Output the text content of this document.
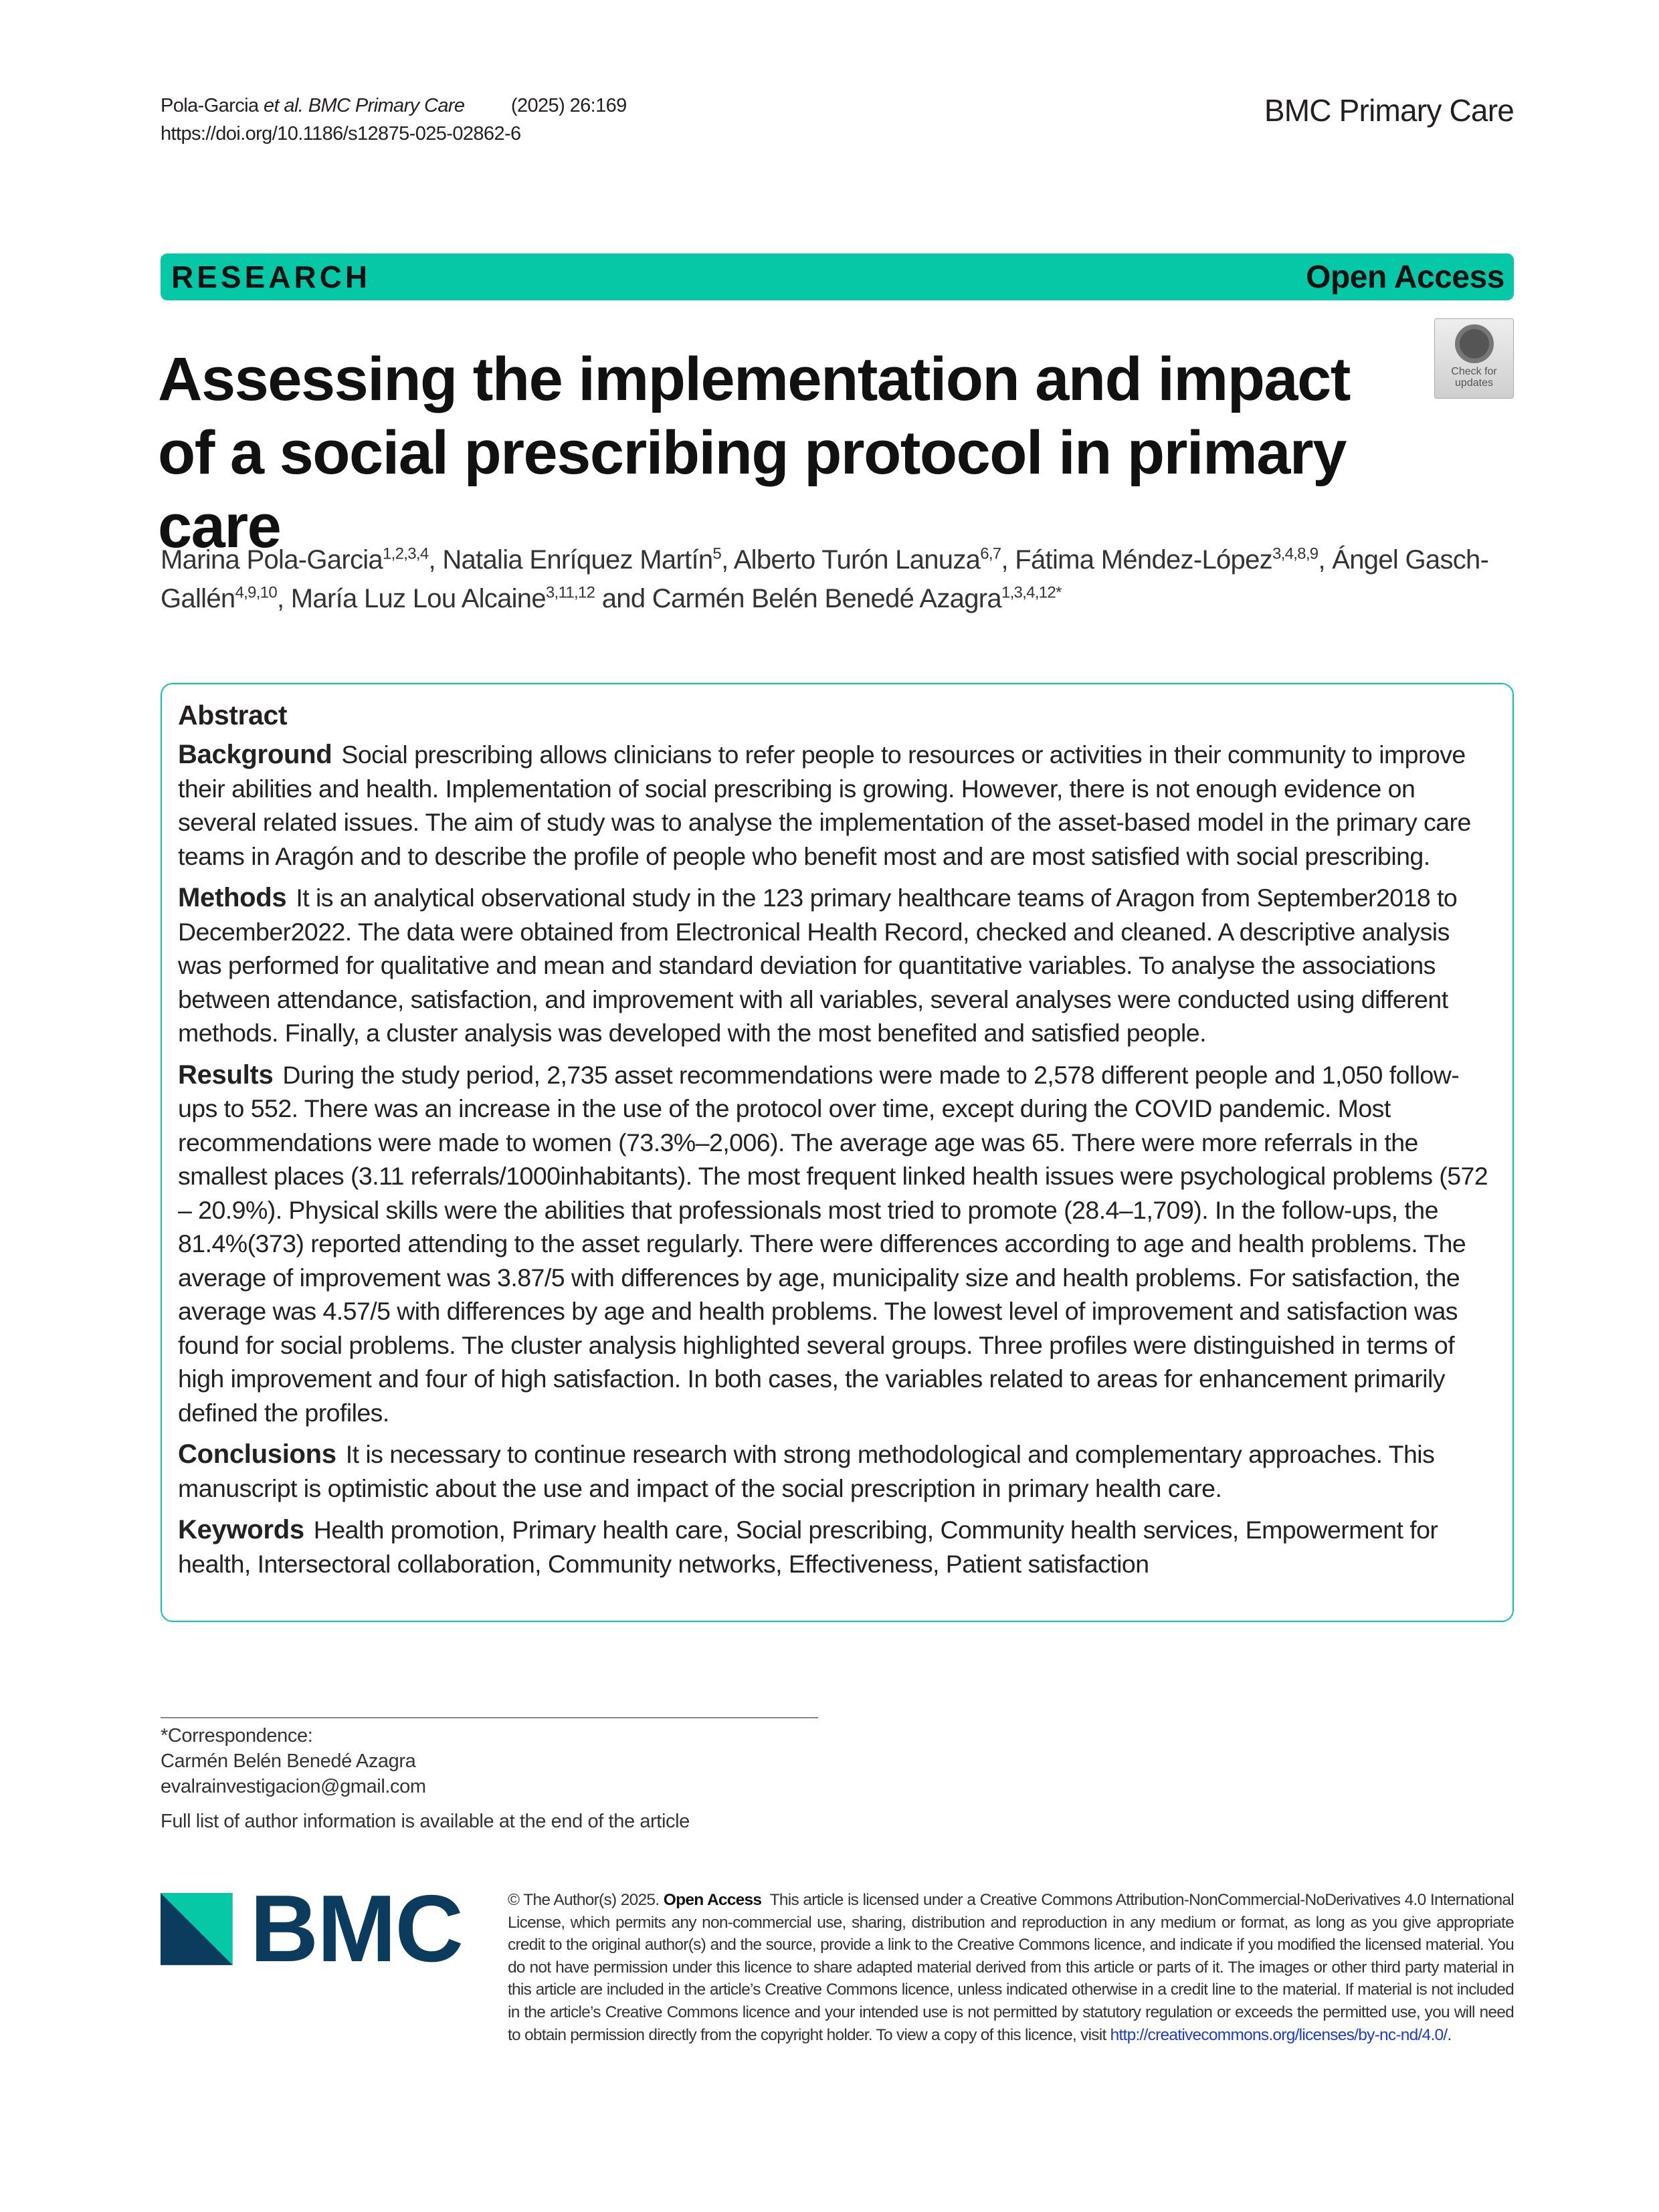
Pola-Garcia et al. BMC Primary Care (2025) 26:169
https://doi.org/10.1186/s12875-025-02862-6
BMC Primary Care
RESEARCH	Open Access
Assessing the implementation and impact of a social prescribing protocol in primary care
Check for updates
Marina Pola-Garcia$^{1,2,3,4}$, Natalia Enríquez Martín$^5$, Alberto Turón Lanuza$^{6,7}$, Fátima Méndez-López$^{3,4,8,9}$, Ángel Gasch-Gallén$^{4,9,10}$, María Luz Lou Alcaine$^{3,11,12}$ and Carmén Belén Benedé Azagra$^{1,3,4,12*}$
Abstract

Background Social prescribing allows clinicians to refer people to resources or activities in their community to improve their abilities and health. Implementation of social prescribing is growing. However, there is not enough evidence on several related issues. The aim of study was to analyse the implementation of the asset-based model in the primary care teams in Aragón and to describe the profile of people who benefit most and are most satisfied with social prescribing.

Methods It is an analytical observational study in the 123 primary healthcare teams of Aragon from September2018 to December2022. The data were obtained from Electronical Health Record, checked and cleaned. A descriptive analysis was performed for qualitative and mean and standard deviation for quantitative variables. To analyse the associations between attendance, satisfaction, and improvement with all variables, several analyses were conducted using different methods. Finally, a cluster analysis was developed with the most benefited and satisfied people.

Results During the study period, 2,735 asset recommendations were made to 2,578 different people and 1,050 follow-ups to 552. There was an increase in the use of the protocol over time, except during the COVID pandemic. Most recommendations were made to women (73.3%–2,006). The average age was 65. There were more referrals in the smallest places (3.11 referrals/1000inhabitants). The most frequent linked health issues were psychological problems (572 – 20.9%). Physical skills were the abilities that professionals most tried to promote (28.4–1,709). In the follow-ups, the 81.4%(373) reported attending to the asset regularly. There were differences according to age and health problems. The average of improvement was 3.87/5 with differences by age, municipality size and health problems. For satisfaction, the average was 4.57/5 with differences by age and health problems. The lowest level of improvement and satisfaction was found for social problems. The cluster analysis highlighted several groups. Three profiles were distinguished in terms of high improvement and four of high satisfaction. In both cases, the variables related to areas for enhancement primarily defined the profiles.

Conclusions It is necessary to continue research with strong methodological and complementary approaches. This manuscript is optimistic about the use and impact of the social prescription in primary health care.

Keywords Health promotion, Primary health care, Social prescribing, Community health services, Empowerment for health, Intersectoral collaboration, Community networks, Effectiveness, Patient satisfaction

*Correspondence:
Carmén Belén Benedé Azagra
evalrainvestigacion@gmail.com
Full list of author information is available at the end of the article
BMC	© The Author(s) 2025. Open Access This article is licensed under a Creative Commons Attribution-NonCommercial-NoDerivatives 4.0 International License, which permits any non-commercial use, sharing, distribution and reproduction in any medium or format, as long as you give appropriate credit to the original author(s) and the source, provide a link to the Creative Commons licence, and indicate if you modified the licensed material. You do not have permission under this licence to share adapted material derived from this article or parts of it. The images or other third party material in this article are included in the article’s Creative Commons licence, unless indicated otherwise in a credit line to the material. If material is not included in the article’s Creative Commons licence and your intended use is not permitted by statutory regulation or exceeds the permitted use, you will need to obtain permission directly from the copyright holder. To view a copy of this licence, visit http://creativecommons.org/licenses/by-nc-nd/4.0/.
